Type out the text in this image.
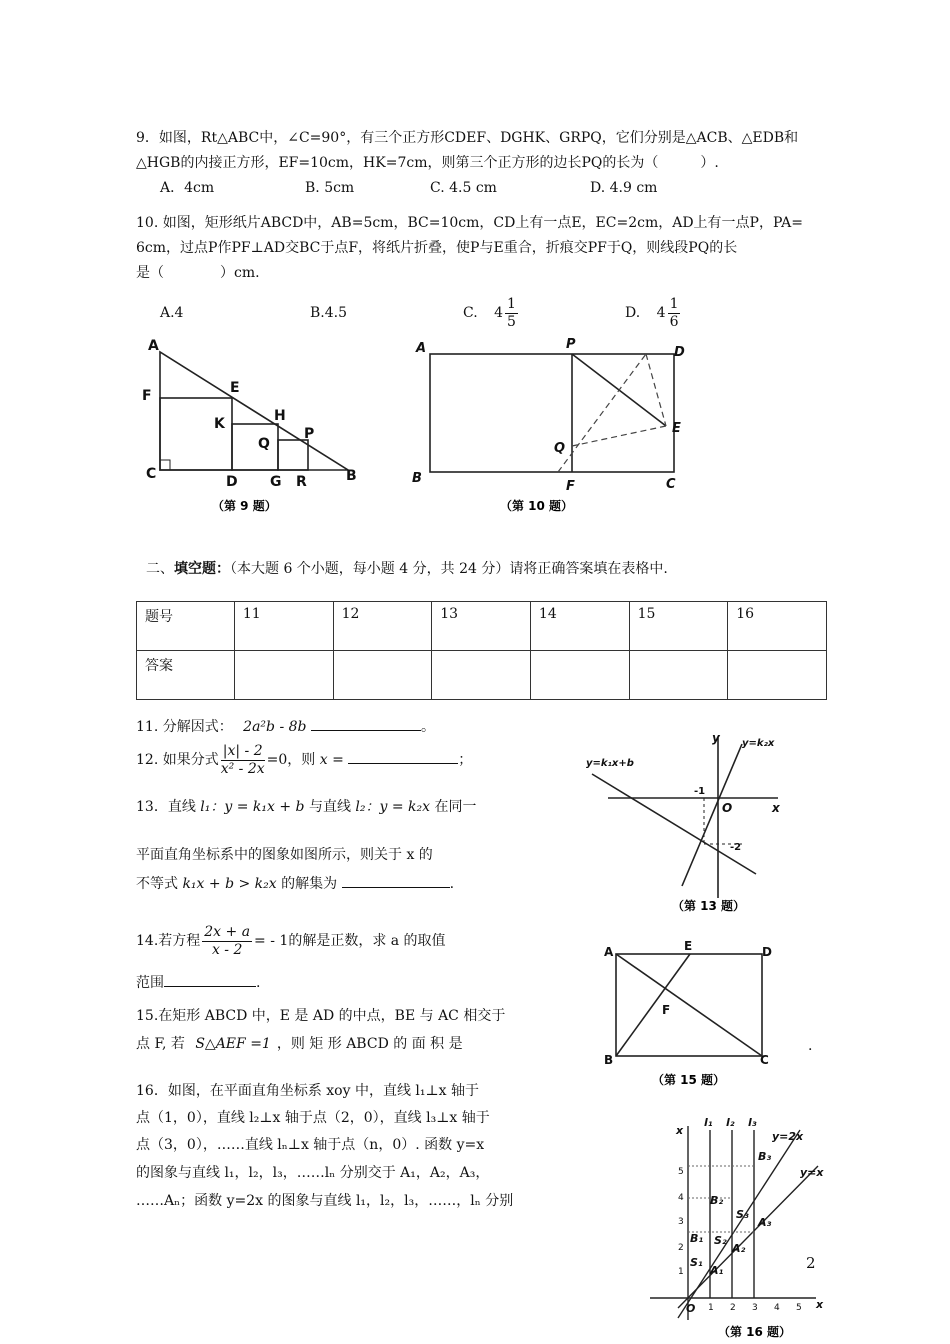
9．如图，Rt△ABC中，∠C=90°，有三个正方形CDEF、DGHK、GRPQ，它们分别是△ACB、△EDB和
△HGB的内接正方形，EF=10cm，HK=7cm，则第三个正方形的边长PQ的长为（　　　）.
A．4cm	B. 5cm	C. 4.5 cm	D. 4.9 cm
10. 如图，矩形纸片ABCD中，AB=5cm，BC=10cm，CD上有一点E，EC=2cm，AD上有一点P，PA=
6cm，过点P作PF⊥AD交BC于点F，将纸片折叠，使P与E重合，折痕交PF于Q，则线段PQ的长
是（　　　　）cm.
A.4	B.4.5	C. $4 \frac{1}{5}$	D. $4 \frac{1}{6}$
A
F	E
K	H
Q
P
C	D G R	B
（第 9 题）
A	P
D
E
Q
B
F	C
（第 10 题）
二、填空题：（本大题 6 个小题，每小题 4 分，共 24 分）请将正确答案填在表格中.
题号	11	12	13	14	15	16
答案						
11. 分解因式： 2a²b - 8b	。
12. 如果分式 $\frac{|x| - 2}{\text{x² - 2x}} =0$，则 x =	；
13．直线 l₁：y = k₁x + b 与直线 l₂：y = k₂x 在同一
平面直角坐标系中的图象如图所示，则关于 x 的
不等式 k₁x + b > k₂x 的解集为	.
y=k₁x+b
y=k₂x
y
x
O
-1
-2
（第 13 题）
14.若方程 $\frac{2x + a}{x - 2}$ = - 1的解是正数，求 a 的取值
范围	.
A	E	D
F
B	C
（第 15 题）
15.在矩形 ABCD 中，E 是 AD 的中点，BE 与 AC 相交于
点 F, 若 S△AEF =1 ，则 矩 形 ABCD 的 面 积 是	.
16．如图，在平面直角坐标系 xoy 中，直线 l₁⊥x 轴于
点（1，0），直线 l₂⊥x 轴于点（2，0），直线 l₃⊥x 轴于
点（3，0），……直线 lₙ⊥x 轴于点（n，0）. 函数 y=x
的图象与直线 l₁，l₂，l₃，……lₙ 分别交于 A₁，A₂，A₃，
……Aₙ；函数 y=2x 的图象与直线 l₁，l₂，l₃，……，lₙ 分别
x
l₁ l₂ l₃
y=2x
y=x
B₃
S₃
A₃
B₂
S₂
A₂
B₁
S₁
A₁
O	x
5
4
3
2
1
1 2 3 4 5
（第 16 题）
2
